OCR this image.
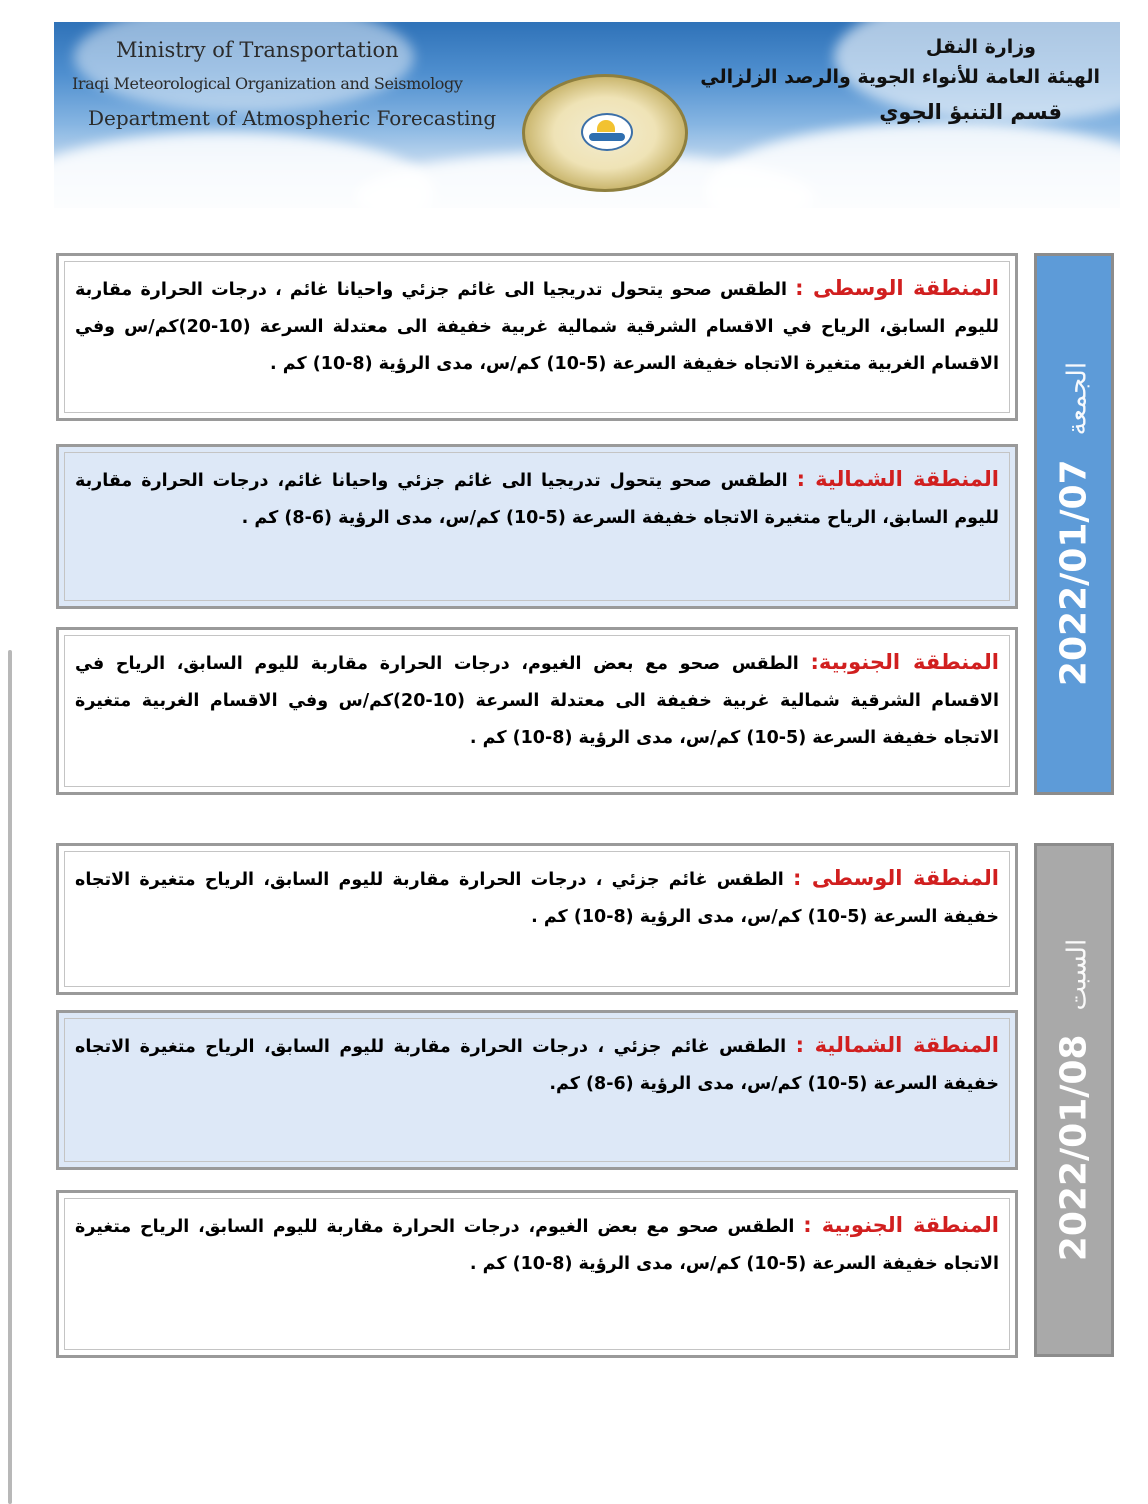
Ministry of Transportation
Iraqi Meteorological Organization and Seismology
Department of Atmospheric Forecasting
وزارة النقل
الهيئة العامة للأنواء الجوية والرصد الزلزالي
قسم التنبؤ الجوي

المنطقة الوسطى : الطقس صحو يتحول تدريجيا الى غائم جزئي واحيانا غائم ، درجات الحرارة مقاربة لليوم السابق، الرياح في الاقسام الشرقية شمالية غربية خفيفة الى معتدلة السرعة (10-20)كم/س وفي الاقسام الغربية متغيرة الاتجاه خفيفة السرعة (5-10) كم/س، مدى الرؤية (8-10) كم .

المنطقة الشمالية : الطقس صحو يتحول تدريجيا الى غائم جزئي واحيانا غائم، درجات الحرارة مقاربة لليوم السابق، الرياح متغيرة الاتجاه خفيفة السرعة (5-10) كم/س، مدى الرؤية (6-8) كم .

المنطقة الجنوبية: الطقس صحو مع بعض الغيوم، درجات الحرارة مقاربة لليوم السابق، الرياح في الاقسام الشرقية شمالية غربية خفيفة الى معتدلة السرعة (10-20)كم/س وفي الاقسام الغربية متغيرة الاتجاه خفيفة السرعة (5-10) كم/س، مدى الرؤية (8-10) كم .

2022/01/07الجمعة

المنطقة الوسطى : الطقس غائم جزئي ، درجات الحرارة مقاربة لليوم السابق، الرياح متغيرة الاتجاه خفيفة السرعة (5-10) كم/س، مدى الرؤية (8-10) كم .

المنطقة الشمالية : الطقس غائم جزئي ، درجات الحرارة مقاربة لليوم السابق، الرياح متغيرة الاتجاه خفيفة السرعة (5-10) كم/س، مدى الرؤية (6-8) كم.

المنطقة الجنوبية : الطقس صحو مع بعض الغيوم، درجات الحرارة مقاربة لليوم السابق، الرياح متغيرة الاتجاه خفيفة السرعة (5-10) كم/س، مدى الرؤية (8-10) كم .

2022/01/08السبت
